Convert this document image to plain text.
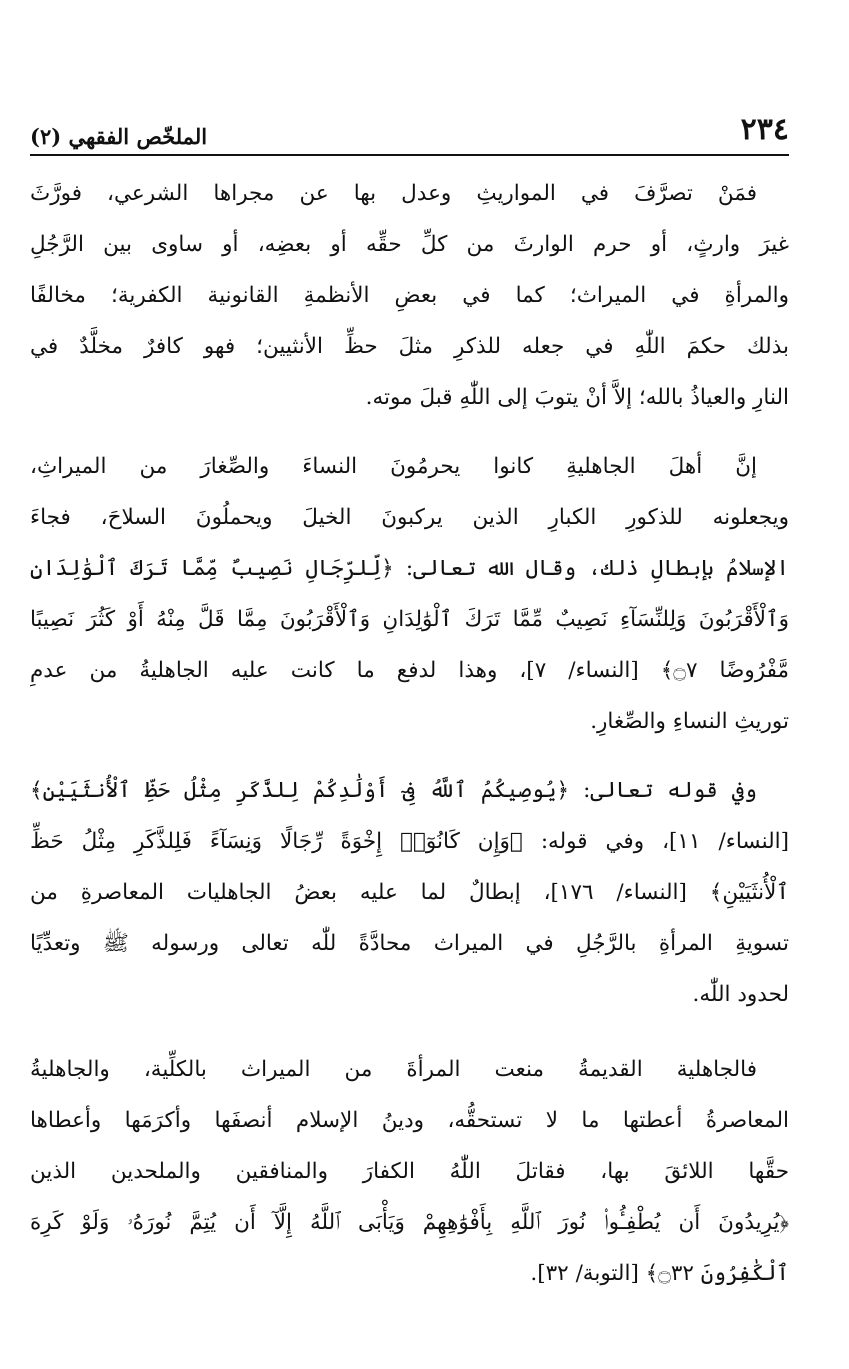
٢٣٤
الملخّص الفقهي (٢)
فمَنْ تصرَّفَ في المواريثِ وعدل بها عن مجراها الشرعي، فورَّثَ
غيرَ وارثٍ، أو حرم الوارثَ من كلِّ حقِّه أو بعضِه، أو ساوى بين الرَّجُلِ
والمرأةِ في الميراث؛ كما في بعضِ الأنظمةِ القانونية الكفرية؛ مخالفًا
بذلك حكمَ اللّٰهِ في جعله للذكرِ مثلَ حظِّ الأنثيين؛ فهو كافرٌ مخلَّدٌ في
النارِ والعياذُ بالله؛ إلاَّ أنْ يتوبَ إلى اللّٰهِ قبلَ موته.
إنَّ أهلَ الجاهليةِ كانوا يحرمُونَ النساءَ والصِّغارَ من الميراثِ،
ويجعلونه للذكورِ الكبارِ الذين يركبونَ الخيلَ ويحملُونَ السلاحَ، فجاءَ
الإسلامُ بإبطالِ ذلك، وقال الله تعالى: ﴿لِّلرِّجَالِ نَصِيبٌ مِّمَّا تَرَكَ ٱلْوَٰلِدَانِ
وَٱلْأَقْرَبُونَ وَلِلنِّسَآءِ نَصِيبٌ مِّمَّا تَرَكَ ٱلْوَٰلِدَانِ وَٱلْأَقْرَبُونَ مِمَّا قَلَّ مِنْهُ أَوْ كَثُرَ نَصِيبًا
مَّفْرُوضًا ۝٧﴾ [النساء/ ٧]، وهذا لدفع ما كانت عليه الجاهليةُ من عدمِ
توريثِ النساءِ والصِّغارِ.
وفي قوله تعالى: ﴿يُوصِيكُمُ ٱللَّهُ فِىٓ أَوْلَٰدِكُمْ لِلذَّكَرِ مِثْلُ حَظِّ ٱلْأُنثَيَيْنِ﴾
[النساء/ ١١]، وفي قوله: ﴿وَإِن كَانُوٓا۟ إِخْوَةً رِّجَالًا وَنِسَآءً فَلِلذَّكَرِ مِثْلُ حَظِّ
ٱلْأُنثَيَيْنِ﴾ [النساء/ ١٧٦]، إبطالٌ لما عليه بعضُ الجاهليات المعاصرةِ من
تسويةِ المرأةِ بالرَّجُلِ في الميراث محادَّةً للّٰه تعالى ورسوله ﷺ وتعدِّيًا
لحدود اللّٰه.
فالجاهلية القديمةُ منعت المرأةَ من الميراث بالكلِّية، والجاهليةُ
المعاصرةُ أعطتها ما لا تستحقُّه، ودينُ الإسلام أنصفَها وأكرَمَها وأعطاها
حقَّها اللائقَ بها، فقاتلَ اللّٰهُ الكفارَ والمنافقين والملحدين الذين
﴿يُرِيدُونَ أَن يُطْفِـُٔوا۟ نُورَ ٱللَّهِ بِأَفْوَٰهِهِمْ وَيَأْبَى ٱللَّهُ إِلَّآ أَن يُتِمَّ نُورَهُۥ وَلَوْ كَرِهَ
ٱلْكَٰفِرُونَ ۝٣٢﴾ [التوبة/ ٣٢].
